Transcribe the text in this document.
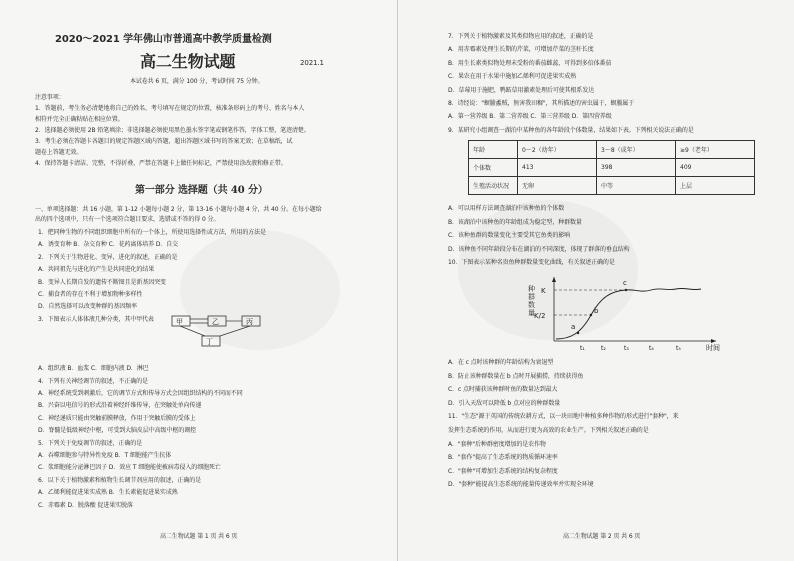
2020～2021 学年佛山市普通高中教学质量检测
高二生物试题	2021.1
本试卷共 6 页，满分 100 分，考试时间 75 分钟。
注意事项：
1．答题前，考生务必清楚地将自己的姓名、考号填写在规定的位置，核准条形码上的考号、姓名与本人
相符并完全正确粘贴在相应位置。
2．选择题必须使用 2B 铅笔填涂；非选择题必须使用黑色墨水签字笔或钢笔作答，字体工整，笔迹清楚。
3．考生必须在答题卡各题目的规定答题区域内答题，超出答题区域书写的答案无效；在草稿纸，试
题卷上答题无效。
4．保持答题卡清洁、完整，不得折叠，严禁在答题卡上做任何标记，严禁使用涂改液和修正带。
第一部分 选择题（共 40 分）
一、单项选择题：共 16 小题，第 1-12 小题每小题 2 分，第 13-16 小题每小题 4 分，共 40 分。在每小题给
出的四个选项中，只有一个选项符合题目要求，选错或不答的得 0 分。
1．把同种生物的不同组织细胞中所有的一个体上，所使用选择性或方法，所用的方法是
A．诱变育种 B．杂交育种 C．花药离体培养 D．自交
2．下列关于生物进化、变异，进化的叙述，正确的是
A．共同祖先与进化的产生是共同进化的结果
B．变异人长期自发的遗传不断图且是新基因突变
C．捕食者的存在不利于增加物种多样性
D．自然选择可以改变种群的基因频率
3．下图表示人体体液几种分类，其中甲代表
A．组织液 B．血浆 C．细胞内液 D．淋巴
4．下列有关神经调节的叙述，不正确的是
A．神经系统受到刺激后，它的调节方式和传导方式会因组织结构的不同而不同
B．兴奋以电信号的形式沿着神经纤维传导，在突触处单向传递
C．神经递质只能由突触前膜释放，作用于突触后膜的受体上
D．脊髓是低级神经中枢，可受到大脑皮层中高级中枢的调控
5．下列关于免疫调节的叙述，正确的是
A．吞噬细胞参与特异性免疫 B．T 细胞能产生抗体
C．浆细胞能分泌淋巴因子 D．效应 T 细胞能使被病毒侵入的细胞死亡
6．以下关于植物激素和植物生长调节剂应用的叙述，正确的是
A．乙烯利能促进果实成熟 B．生长素能促进果实成熟
C．赤霉素 D．脱落酸 促进果实脱落
甲	乙	丙
丁
高二生物试题 第 1 页 共 6 页
7．下列关于植物激素及其类似物应用的叙述，正确的是
A．用赤霉素处理生长期的芹菜，可增加芹菜的茎秆长度
B．用生长素类似物处理未受粉的番茄雌蕊，可得到多倍体番茄
C．果农在用于水果中施加乙烯利可促进果实成熟
D．草莓用于施肥，鸭跖草用激素处理后可使其根系发达
8．诗经说："螟螣蟊贼，無害我田穉"，其所描述的害虫属于，螟螣属于
A．第一营养级 B．第二营养级 C．第三营养级 D．第四营养级
9．某研究小组调查一湖泊中某种鱼的各年龄段个体数量，结果如下表。下列相关说法正确的是
年龄	0～2（幼年）	3～8（成年）	≥9（老年）
个体数	413	398	409
生殖活动状况	无卵	中等	上层
A．可以用样方法调查湖泊中该种鱼的个体数
B．该湖泊中该种鱼的年龄组成为稳定型，种群数量
C．该种鱼群的数量变化主要受其它鱼类的影响
D．该种鱼不同年龄段分布在湖泊的不同深度，体现了群落的垂直结构
10．下图表示某种名贵鱼种群数量变化曲线，有关叙述正确的是
a
b
c
K
K/2
时间
t₁	t₂	t₃	t₄	t₅
种
群
数
量
A．在 c 点时该种群的年龄结构为衰退型
B．防止该种群数量在 b 点时开展捕捞，持续获得鱼
C．c 点时捕获该种群时鱼的数量达到最大
D．引入天敌可以降低 b 点对应的种群数量
11．"生态"源于英国的传统农耕方式，以一块田地中种植多种作物的形式进行"套种"，来
发挥生态系统的作用，从而进行更为高效的农业生产。下列相关叙述正确的是
A．"套种"后种群密度增加的是农作物
B．"套作"提高了生态系统的物质循环速率
C．"套种"可增加生态系统的结构复杂程度
D．"套种"能提高生态系统的能量传递效率并实现全环境
高二生物试题 第 2 页 共 6 页
